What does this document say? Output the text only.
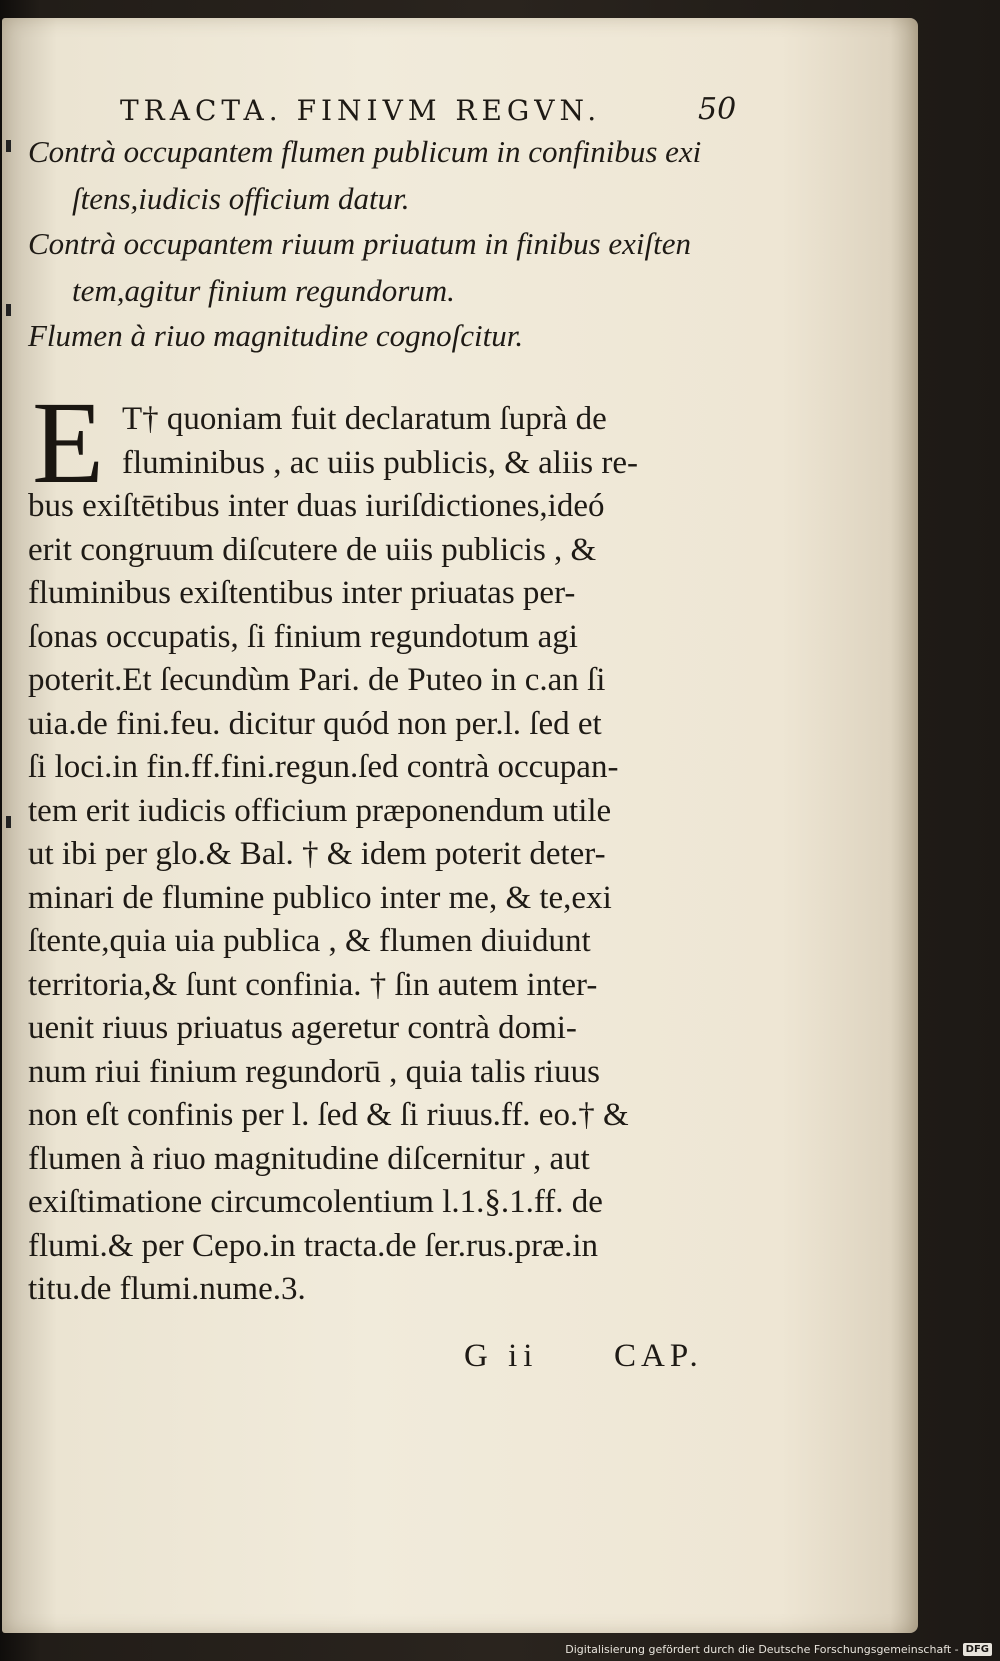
TRACTA. FINIVM REGVN.	50
Contrà occupantem flumen publicum in confinibus exi
ſtens,iudicis officium datur.
Contrà occupantem riuum priuatum in finibus exiſten
tem,agitur finium regundorum.
Flumen à riuo magnitudine cognoſcitur.
E T† quoniam fuit declaratum ſuprà de
fluminibus , ac uiis publicis, & aliis re-
bus exiſtētibus inter duas iuriſdictiones,ideó
erit congruum diſcutere de uiis publicis , &
fluminibus exiſtentibus inter priuatas per-
ſonas occupatis, ſi finium regundotum agi
poterit.Et ſecundùm Pari. de Puteo in c.an ſi
uia.de fini.feu. dicitur quód non per.l. ſed et
ſi loci.in fin.ff.fini.regun.ſed contrà occupan-
tem erit iudicis officium præponendum utile
ut ibi per glo.& Bal. † & idem poterit deter-
minari de flumine publico inter me, & te,exi
ſtente,quia uia publica , & flumen diuidunt
territoria,& ſunt confinia. † ſin autem inter-
uenit riuus priuatus ageretur contrà domi-
num riui finium regundorū , quia talis riuus
non eſt confinis per l. ſed & ſi riuus.ff. eo.† &
flumen à riuo magnitudine diſcernitur , aut
exiſtimatione circumcolentium l.1.§.1.ff. de
flumi.& per Cepo.in tracta.de ſer.rus.præ.in
titu.de flumi.nume.3.
G ii CAP.
Digitalisierung gefördert durch die Deutsche Forschungsgemeinschaft - DFG
